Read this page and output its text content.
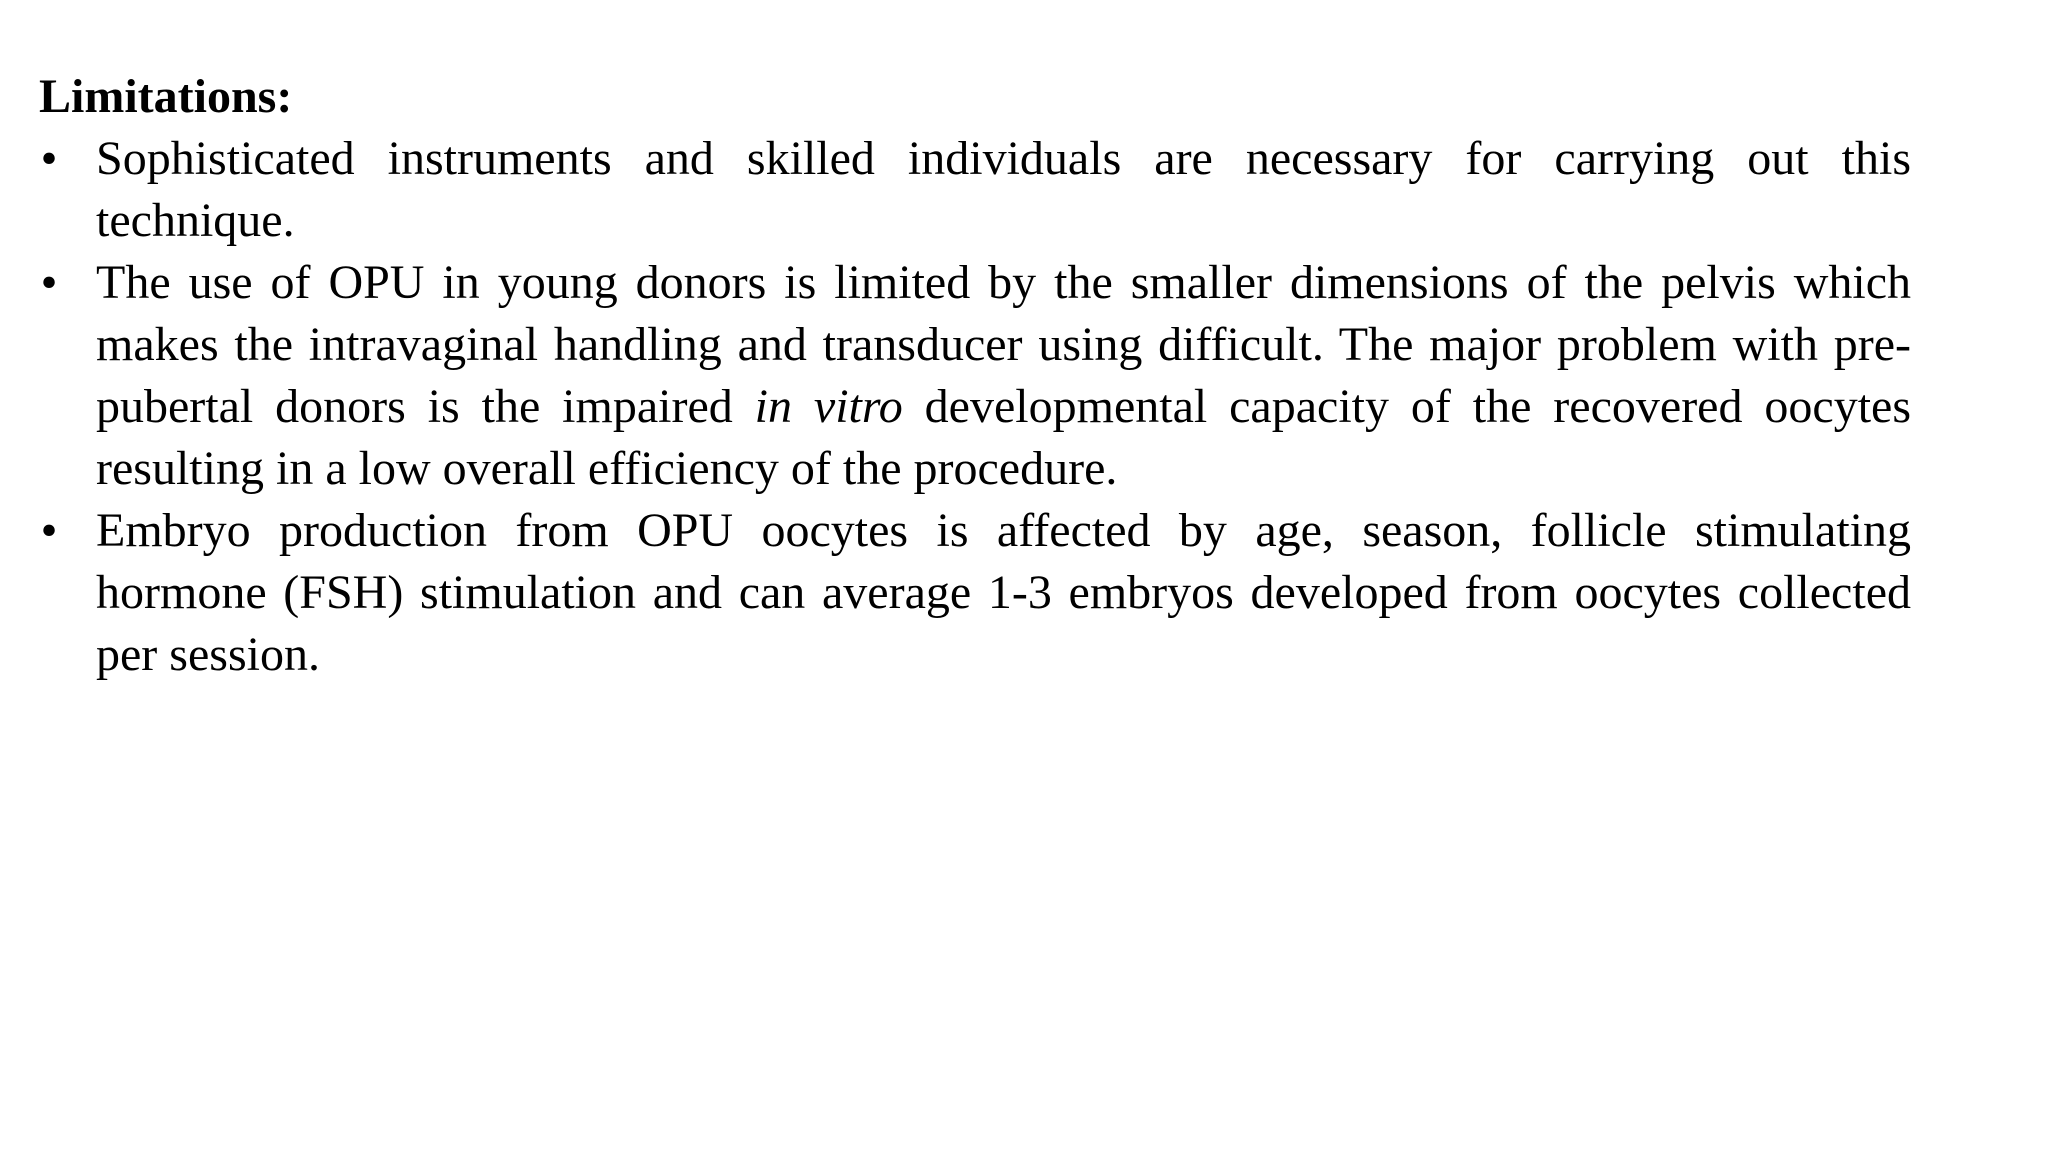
Limitations:

• Sophisticated instruments and skilled individuals are necessary for carrying out this technique.
• The use of OPU in young donors is limited by the smaller dimensions of the pelvis which makes the intravaginal handling and transducer using difficult. The major problem with pre-pubertal donors is the impaired in vitro developmental capacity of the recovered oocytes resulting in a low overall efficiency of the procedure.
• Embryo production from OPU oocytes is affected by age, season, follicle stimulating hormone (FSH) stimulation and can average 1-3 embryos developed from oocytes collected per session.
